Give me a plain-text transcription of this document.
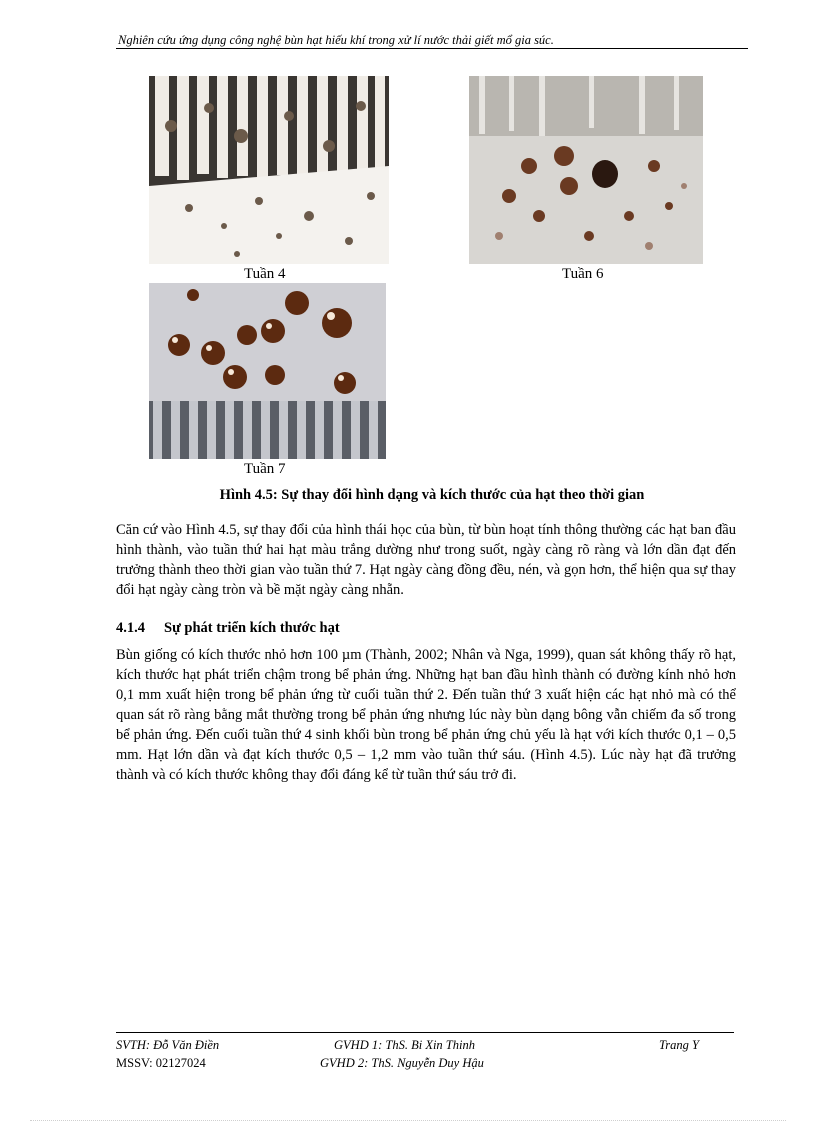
Nghiên cứu ứng dụng công nghệ bùn hạt hiếu khí trong xử lí nước thải giết mổ gia súc.
Tuần 4	Tuần 6
Tuần 7
Hình 4.5: Sự thay đổi hình dạng và kích thước của hạt theo thời gian

Căn cứ vào Hình 4.5, sự thay đổi của hình thái học của bùn, từ bùn hoạt tính thông thường các hạt ban đầu hình thành, vào tuần thứ hai hạt màu trắng dường như trong suốt, ngày càng rõ ràng và lớn dần đạt đến trưởng thành theo thời gian vào tuần thứ 7. Hạt ngày càng đồng đều, nén, và gọn hơn, thể hiện qua sự thay đổi hạt ngày càng tròn và bề mặt ngày càng nhẵn.

4.1.4 Sự phát triển kích thước hạt

Bùn giống có kích thước nhỏ hơn 100 µm (Thành, 2002; Nhân và Nga, 1999), quan sát không thấy rõ hạt, kích thước hạt phát triển chậm trong bể phản ứng. Những hạt ban đầu hình thành có đường kính nhỏ hơn 0,1 mm xuất hiện trong bể phản ứng từ cuối tuần thứ 2. Đến tuần thứ 3 xuất hiện các hạt nhỏ mà có thể quan sát rõ ràng bằng mắt thường trong bể phản ứng nhưng lúc này bùn dạng bông vẫn chiếm đa số trong bể phản ứng. Đến cuối tuần thứ 4 sinh khối bùn trong bể phản ứng chủ yếu là hạt với kích thước 0,1 – 0,5 mm. Hạt lớn dần và đạt kích thước 0,5 – 1,2 mm vào tuần thứ sáu. (Hình 4.5). Lúc này hạt đã trưởng thành và có kích thước không thay đổi đáng kể từ tuần thứ sáu trở đi.

SVTH: Đỗ Văn Điền	GVHD 1: ThS. Bi Xin Thinh	Trang Y
MSSV: 02127024	GVHD 2: ThS. Nguyễn Duy Hậu
